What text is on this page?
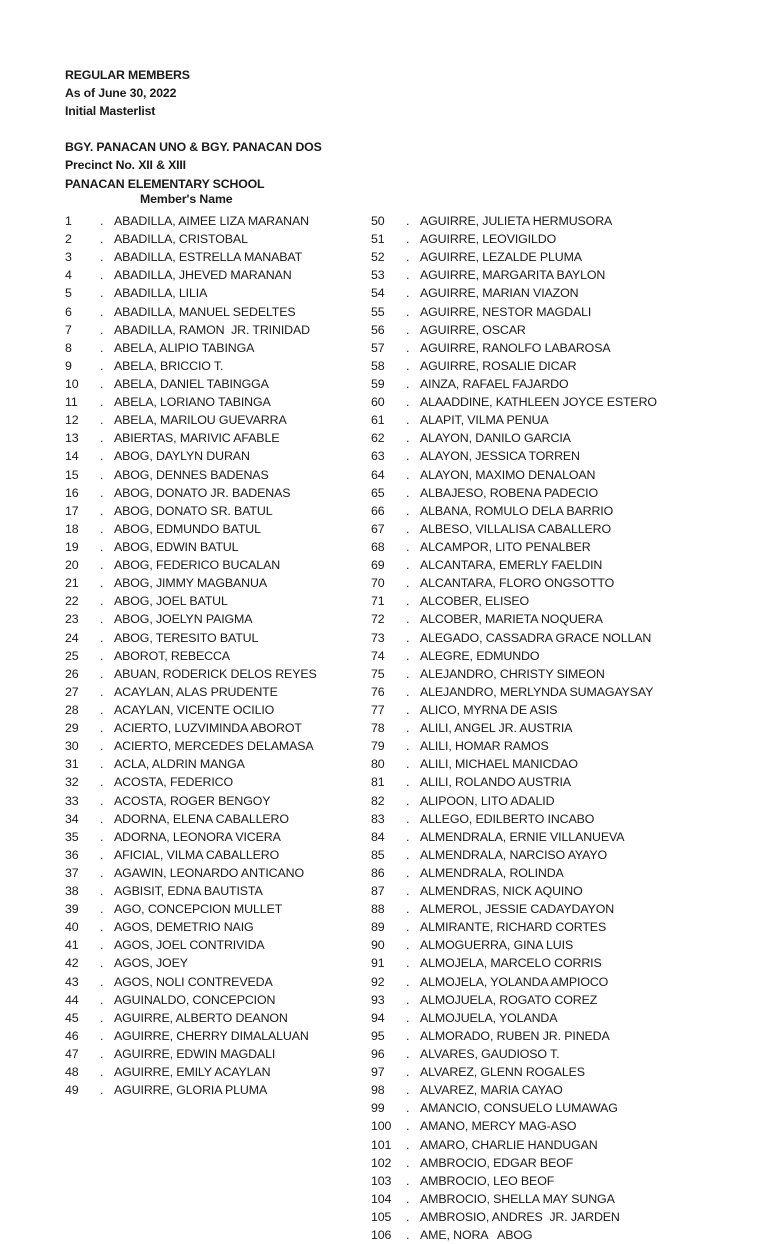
REGULAR MEMBERS
As of June 30, 2022
Initial Masterlist

BGY. PANACAN UNO & BGY. PANACAN DOS
Precinct No. XII & XIII
PANACAN ELEMENTARY SCHOOL
Member's Name
1 . ABADILLA, AIMEE LIZA MARANAN
2 . ABADILLA, CRISTOBAL
3 . ABADILLA, ESTRELLA MANABAT
4 . ABADILLA, JHEVED MARANAN
5 . ABADILLA, LILIA
6 . ABADILLA, MANUEL SEDELTES
7 . ABADILLA, RAMON  JR. TRINIDAD
8 . ABELA, ALIPIO TABINGA
9 . ABELA, BRICCIO T.
10 . ABELA, DANIEL TABINGGA
11 . ABELA, LORIANO TABINGA
12 . ABELA, MARILOU GUEVARRA
13 . ABIERTAS, MARIVIC AFABLE
14 . ABOG, DAYLYN DURAN
15 . ABOG, DENNES BADENAS
16 . ABOG, DONATO JR. BADENAS
17 . ABOG, DONATO SR. BATUL
18 . ABOG, EDMUNDO BATUL
19 . ABOG, EDWIN BATUL
20 . ABOG, FEDERICO BUCALAN
21 . ABOG, JIMMY MAGBANUA
22 . ABOG, JOEL BATUL
23 . ABOG, JOELYN PAIGMA
24 . ABOG, TERESITO BATUL
25 . ABOROT, REBECCA
26 . ABUAN, RODERICK DELOS REYES
27 . ACAYLAN, ALAS PRUDENTE
28 . ACAYLAN, VICENTE OCILIO
29 . ACIERTO, LUZVIMINDA ABOROT
30 . ACIERTO, MERCEDES DELAMASA
31 . ACLA, ALDRIN MANGA
32 . ACOSTA, FEDERICO
33 . ACOSTA, ROGER BENGOY
34 . ADORNA, ELENA CABALLERO
35 . ADORNA, LEONORA VICERA
36 . AFICIAL, VILMA CABALLERO
37 . AGAWIN, LEONARDO ANTICANO
38 . AGBISIT, EDNA BAUTISTA
39 . AGO, CONCEPCION MULLET
40 . AGOS, DEMETRIO NAIG
41 . AGOS, JOEL CONTRIVIDA
42 . AGOS, JOEY
43 . AGOS, NOLI CONTREVEDA
44 . AGUINALDO, CONCEPCION
45 . AGUIRRE, ALBERTO DEANON
46 . AGUIRRE, CHERRY DIMALALUAN
47 . AGUIRRE, EDWIN MAGDALI
48 . AGUIRRE, EMILY ACAYLAN
49 . AGUIRRE, GLORIA PLUMA
50 . AGUIRRE, JULIETA HERMUSORA
51 . AGUIRRE, LEOVIGILDO
52 . AGUIRRE, LEZALDE PLUMA
53 . AGUIRRE, MARGARITA BAYLON
54 . AGUIRRE, MARIAN VIAZON
55 . AGUIRRE, NESTOR MAGDALI
56 . AGUIRRE, OSCAR
57 . AGUIRRE, RANOLFO LABAROSA
58 . AGUIRRE, ROSALIE DICAR
59 . AINZA, RAFAEL FAJARDO
60 . ALAADDINE, KATHLEEN JOYCE ESTERO
61 . ALAPIT, VILMA PENUA
62 . ALAYON, DANILO GARCIA
63 . ALAYON, JESSICA TORREN
64 . ALAYON, MAXIMO DENALOAN
65 . ALBAJESO, ROBENA PADECIO
66 . ALBANA, ROMULO DELA BARRIO
67 . ALBESO, VILLALISA CABALLERO
68 . ALCAMPOR, LITO PENALBER
69 . ALCANTARA, EMERLY FAELDIN
70 . ALCANTARA, FLORO ONGSOTTO
71 . ALCOBER, ELISEO
72 . ALCOBER, MARIETA NOQUERA
73 . ALEGADO, CASSADRA GRACE NOLLAN
74 . ALEGRE, EDMUNDO
75 . ALEJANDRO, CHRISTY SIMEON
76 . ALEJANDRO, MERLYNDA SUMAGAYSAY
77 . ALICO, MYRNA DE ASIS
78 . ALILI, ANGEL JR. AUSTRIA
79 . ALILI, HOMAR RAMOS
80 . ALILI, MICHAEL MANICDAO
81 . ALILI, ROLANDO AUSTRIA
82 . ALIPOON, LITO ADALID
83 . ALLEGO, EDILBERTO INCABO
84 . ALMENDRALA, ERNIE VILLANUEVA
85 . ALMENDRALA, NARCISO AYAYO
86 . ALMENDRALA, ROLINDA
87 . ALMENDRAS, NICK AQUINO
88 . ALMEROL, JESSIE CADAYDAYON
89 . ALMIRANTE, RICHARD CORTES
90 . ALMOGUERRA, GINA LUIS
91 . ALMOJELA, MARCELO CORRIS
92 . ALMOJELA, YOLANDA AMPIOCO
93 . ALMOJUELA, ROGATO COREZ
94 . ALMOJUELA, YOLANDA
95 . ALMORADO, RUBEN JR. PINEDA
96 . ALVARES, GAUDIOSO T.
97 . ALVAREZ, GLENN ROGALES
98 . ALVAREZ, MARIA CAYAO
99 . AMANCIO, CONSUELO LUMAWAG
100 . AMANO, MERCY MAG-ASO
101 . AMARO, CHARLIE HANDUGAN
102 . AMBROCIO, EDGAR BEOF
103 . AMBROCIO, LEO BEOF
104 . AMBROCIO, SHELLA MAY SUNGA
105 . AMBROSIO, ANDRES  JR. JARDEN
106 . AME, NORA   ABOG
